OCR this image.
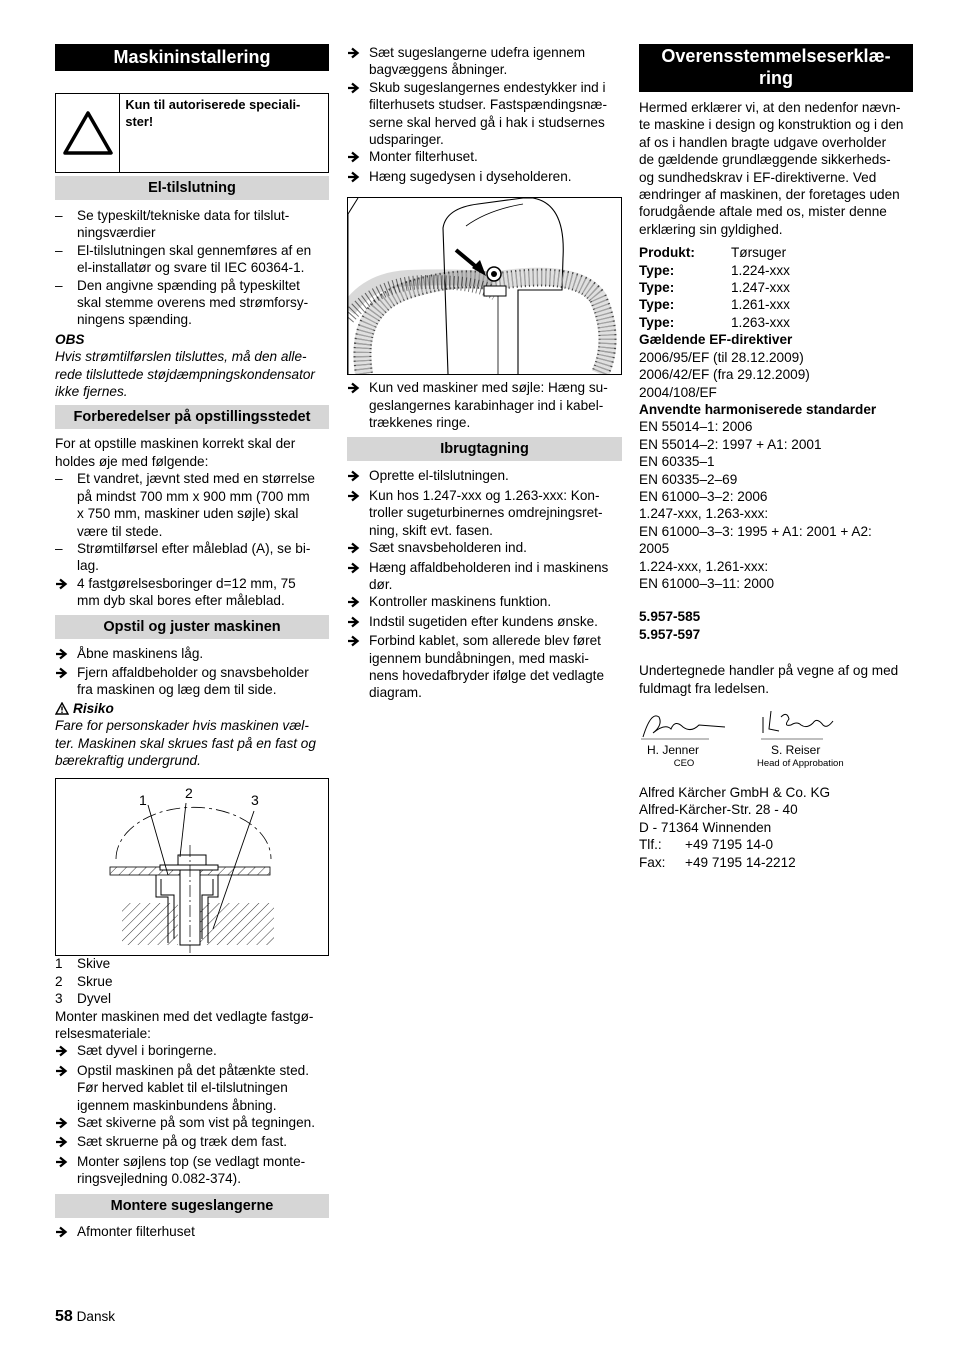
Maskininstallering
Kun til autoriserede speciali-ster!
El-tilslutning
–	Se typeskilt/tekniske data for tilslut-
ningsværdier
–	El-tilslutningen skal gennemføres af en
el-installatør og svare til IEC 60364-1.
–	Den angivne spænding på typeskiltet
skal stemme overens med strømforsy-
ningens spænding.
OBS
Hvis strømtilførslen tilsluttes, må den alle-
rede tilsluttede støjdæmpningskondensator
ikke fjernes.
Forberedelser på opstillingsstedet
For at opstille maskinen korrekt skal der
holdes øje med følgende:
–	Et vandret, jævnt sted med en størrelse
på mindst 700 mm x 900 mm (700 mm
x 750 mm, maskiner uden søjle) skal
være til stede.
–	Strømtilførsel efter måleblad (A), se bi-
lag.
4 fastgørelsesboringer d=12 mm, 75
mm dyb skal bores efter måleblad.
Opstil og juster maskinen
Åbne maskinens låg.
Fjern affaldbeholder og snavsbeholder
fra maskinen og læg dem til side.
Risiko
Fare for personskader hvis maskinen væl-
ter. Maskinen skal skrues fast på en fast og
bærekraftig undergrund.
1	2	3
1	Skive
2	Skrue
3	Dyvel
Monter maskinen med det vedlagte fastgø-
relsesmateriale:
Sæt dyvel i boringerne.
Opstil maskinen på det påtænkte sted.
Før herved kablet til el-tilslutningen
igennem maskinbundens åbning.
Sæt skiverne på som vist på tegningen.
Sæt skruerne på og træk dem fast.
Monter søjlens top (se vedlagt monte-
ringsvejledning 0.082-374).
Montere sugeslangerne
Afmonter filterhuset
Sæt sugeslangerne udefra igennem
bagvæggens åbninger.
Skub sugeslangernes endestykker ind i
filterhusets studser. Fastspændingsnæ-
serne skal herved gå i hak i studsernes
udsparinger.
Monter filterhuset.
Hæng sugedysen i dyseholderen.
Kun ved maskiner med søjle: Hæng su-
geslangernes karabinhager ind i kabel-
trækkenes ringe.
Ibrugtagning
Oprette el-tilslutningen.
Kun hos 1.247-xxx og 1.263-xxx: Kon-
troller sugeturbinernes omdrejningsret-
ning, skift evt. fasen.
Sæt snavsbeholderen ind.
Hæng affaldbeholderen ind i maskinens
dør.
Kontroller maskinens funktion.
Indstil sugetiden efter kundens ønske.
Forbind kablet, som allerede blev føret
igennem bundåbningen, med maski-
nens hovedafbryder ifølge det vedlagte
diagram.
Overensstemmelseserklæ-
ring
Hermed erklærer vi, at den nedenfor nævn-
te maskine i design og konstruktion og i den
af os i handlen bragte udgave overholder
de gældende grundlæggende sikkerheds-
og sundhedskrav i EF-direktiverne. Ved
ændringer af maskinen, der foretages uden
forudgående aftale med os, mister denne
erklæring sin gyldighed.
Produkt:	Tørsuger
Type:	1.224-xxx
Type:	1.247-xxx
Type:	1.261-xxx
Type:	1.263-xxx
Gældende EF-direktiver
2006/95/EF (til 28.12.2009)
2006/42/EF (fra 29.12.2009)
2004/108/EF
Anvendte harmoniserede standarder
EN 55014–1: 2006
EN 55014–2: 1997 + A1: 2001
EN 60335–1
EN 60335–2–69
EN 61000–3–2: 2006
1.247-xxx, 1.263-xxx:
EN 61000–3–3: 1995 + A1: 2001 + A2:
2005
1.224-xxx, 1.261-xxx:
EN 61000–3–11: 2000
5.957-585
5.957-597
Undertegnede handler på vegne af og med
fuldmagt fra ledelsen.
H. Jenner
CEO
S. Reiser
Head of Approbation
Alfred Kärcher GmbH & Co. KG
Alfred-Kärcher-Str. 28 - 40
D - 71364 Winnenden
Tlf.:	+49 7195 14-0
Fax:	+49 7195 14-2212
58 Dansk
